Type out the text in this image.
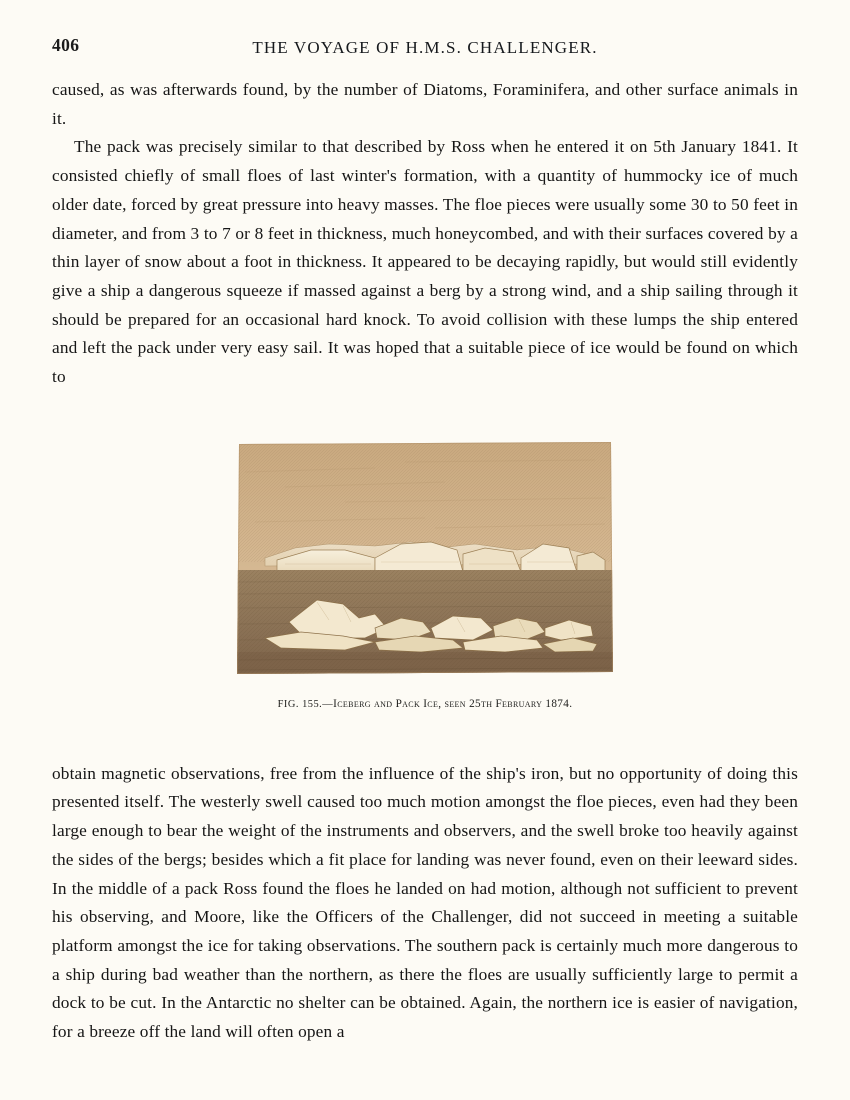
406	THE VOYAGE OF H.M.S. CHALLENGER.

caused, as was afterwards found, by the number of Diatoms, Foraminifera, and other surface animals in it.

The pack was precisely similar to that described by Ross when he entered it on 5th January 1841. It consisted chiefly of small floes of last winter's formation, with a quantity of hummocky ice of much older date, forced by great pressure into heavy masses. The floe pieces were usually some 30 to 50 feet in diameter, and from 3 to 7 or 8 feet in thickness, much honeycombed, and with their surfaces covered by a thin layer of snow about a foot in thickness. It appeared to be decaying rapidly, but would still evidently give a ship a dangerous squeeze if massed against a berg by a strong wind, and a ship sailing through it should be prepared for an occasional hard knock. To avoid collision with these lumps the ship entered and left the pack under very easy sail. It was hoped that a suitable piece of ice would be found on which to

FIG. 155.—Iceberg and Pack Ice, seen 25th February 1874.

obtain magnetic observations, free from the influence of the ship's iron, but no opportunity of doing this presented itself. The westerly swell caused too much motion amongst the floe pieces, even had they been large enough to bear the weight of the instruments and observers, and the swell broke too heavily against the sides of the bergs; besides which a fit place for landing was never found, even on their leeward sides. In the middle of a pack Ross found the floes he landed on had motion, although not sufficient to prevent his observing, and Moore, like the Officers of the Challenger, did not succeed in meeting a suitable platform amongst the ice for taking observations. The southern pack is certainly much more dangerous to a ship during bad weather than the northern, as there the floes are usually sufficiently large to permit a dock to be cut. In the Antarctic no shelter can be obtained. Again, the northern ice is easier of navigation, for a breeze off the land will often open a
